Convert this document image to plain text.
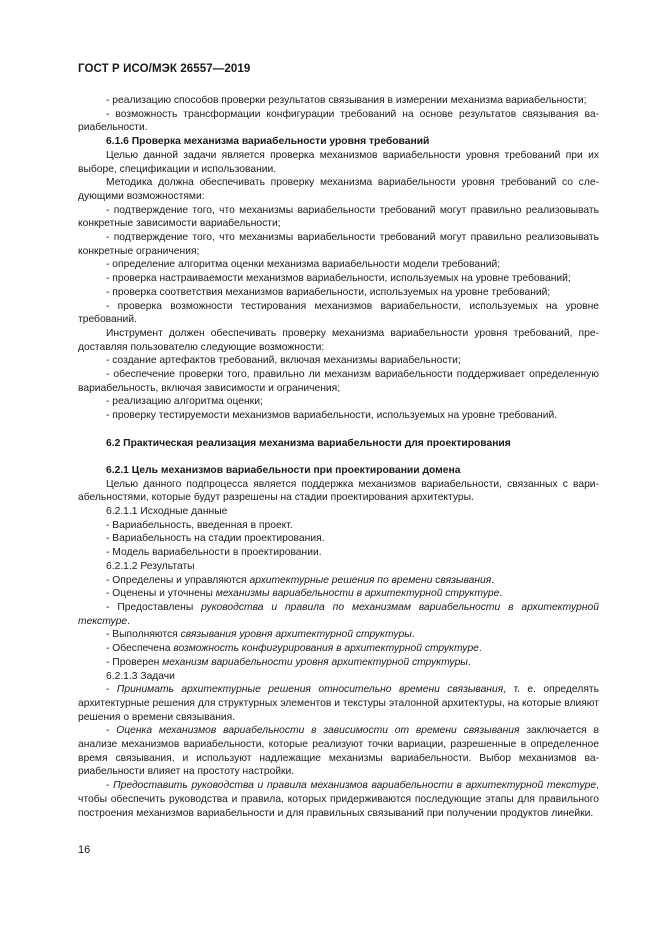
ГОСТ Р ИСО/МЭК 26557—2019

- реализацию способов проверки результатов связывания в измерении механизма вариабельности;

- возможность трансформации конфигурации требований на основе результатов связывания вариабельности.

6.1.6 Проверка механизма вариабельности уровня требований

Целью данной задачи является проверка механизмов вариабельности уровня требований при их выборе, спецификации и использовании.

Методика должна обеспечивать проверку механизма вариабельности уровня требований со следующими возможностями:

- подтверждение того, что механизмы вариабельности требований могут правильно реализовывать конкретные зависимости вариабельности;

- подтверждение того, что механизмы вариабельности требований могут правильно реализовывать конкретные ограничения;

- определение алгоритма оценки механизма вариабельности модели требований;

- проверка настраиваемости механизмов вариабельности, используемых на уровне требований;

- проверка соответствия механизмов вариабельности, используемых на уровне требований;

- проверка возможности тестирования механизмов вариабельности, используемых на уровне требований.

Инструмент должен обеспечивать проверку механизма вариабельности уровня требований, предоставляя пользователю следующие возможности:

- создание артефактов требований, включая механизмы вариабельности;

- обеспечение проверки того, правильно ли механизм вариабельности поддерживает определенную вариабельность, включая зависимости и ограничения;

- реализацию алгоритма оценки;

- проверку тестируемости механизмов вариабельности, используемых на уровне требований.

6.2 Практическая реализация механизма вариабельности для проектирования

6.2.1 Цель механизмов вариабельности при проектировании домена

Целью данного подпроцесса является поддержка механизмов вариабельности, связанных с вариабельностями, которые будут разрешены на стадии проектирования архитектуры.

6.2.1.1 Исходные данные

- Вариабельность, введенная в проект.

- Вариабельность на стадии проектирования.

- Модель вариабельности в проектировании.

6.2.1.2 Результаты

- Определены и управляются архитектурные решения по времени связывания.

- Оценены и уточнены механизмы вариабельности в архитектурной структуре.

- Предоставлены руководства и правила по механизмам вариабельности в архитектурной текстуре.

- Выполняются связывания уровня архитектурной структуры.

- Обеспечена возможность конфигурирования в архитектурной структуре.

- Проверен механизм вариабельности уровня архитектурной структуры.

6.2.1.3 Задачи

- Принимать архитектурные решения относительно времени связывания, т. е. определять архитектурные решения для структурных элементов и текстуры эталонной архитектуры, на которые влияют решения о времени связывания.

- Оценка механизмов вариабельности в зависимости от времени связывания заключается в анализе механизмов вариабельности, которые реализуют точки вариации, разрешенные в определенное время связывания, и используют надлежащие механизмы вариабельности. Выбор механизмов вариабельности влияет на простоту настройки.

- Предоставить руководства и правила механизмов вариабельности в архитектурной текстуре, чтобы обеспечить руководства и правила, которых придерживаются последующие этапы для правильного построения механизмов вариабельности и для правильных связываний при получении продуктов линейки.

16
